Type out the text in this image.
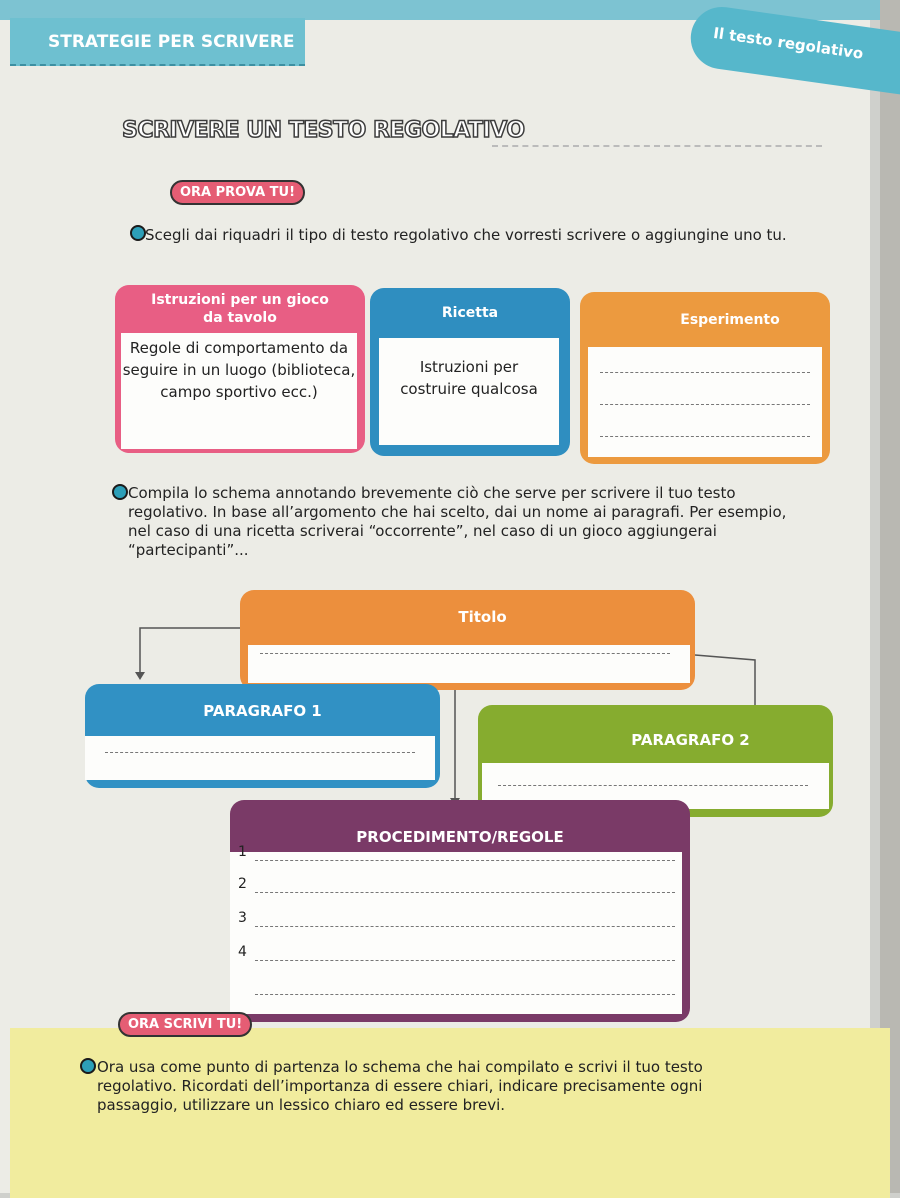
STRATEGIE PER SCRIVERE	Il testo regolativo
SCRIVERE UN TESTO REGOLATIVO
ORA PROVA TU!
Scegli dai riquadri il tipo di testo regolativo che vorresti scrivere o aggiungine uno tu.
Istruzioni per un gioco da tavolo
Regole di comportamento da seguire in un luogo (biblioteca, campo sportivo ecc.)
Ricetta
Istruzioni per costruire qualcosa
Esperimento
Compila lo schema annotando brevemente ciò che serve per scrivere il tuo testo regolativo. In base all’argomento che hai scelto, dai un nome ai paragrafi. Per esempio, nel caso di una ricetta scriverai “occorrente”, nel caso di un gioco aggiungerai “partecipanti”...
Titolo
PARAGRAFO 1
PARAGRAFO 2
PROCEDIMENTO/REGOLE
1
2
3
4
ORA SCRIVI TU!
Ora usa come punto di partenza lo schema che hai compilato e scrivi il tuo testo regolativo. Ricordati dell’importanza di essere chiari, indicare precisamente ogni passaggio, utilizzare un lessico chiaro ed essere brevi.
